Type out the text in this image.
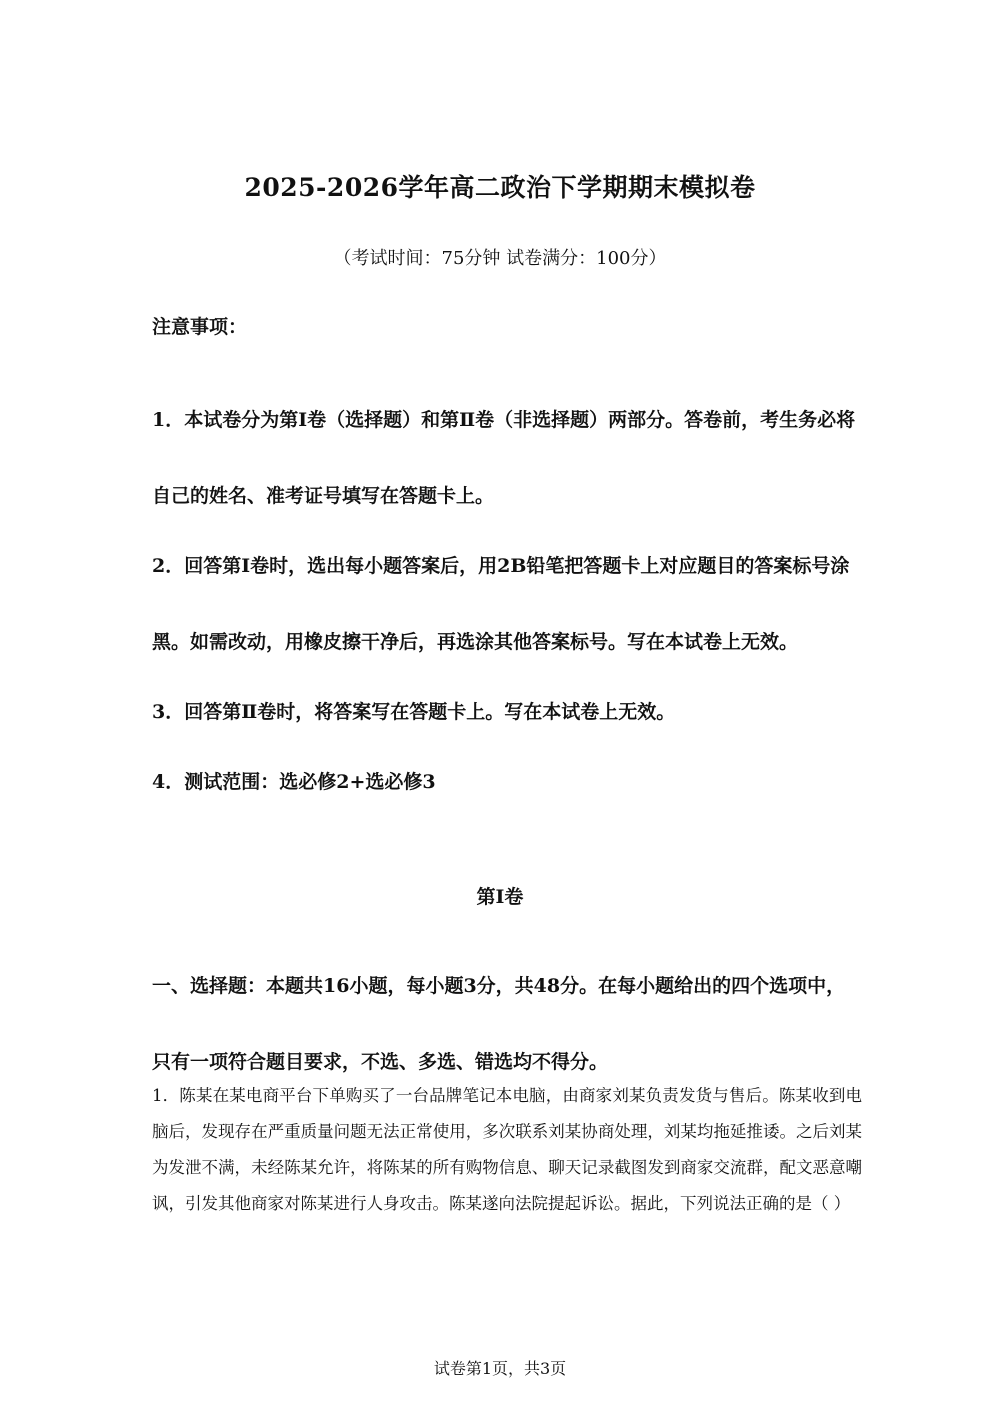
2025-2026学年高二政治下学期期末模拟卷
（考试时间：75分钟 试卷满分：100分）
注意事项：
1．本试卷分为第Ⅰ卷（选择题）和第Ⅱ卷（非选择题）两部分。答卷前，考生务必将自己的姓名、准考证号填写在答题卡上。
2．回答第Ⅰ卷时，选出每小题答案后，用2B铅笔把答题卡上对应题目的答案标号涂黑。如需改动，用橡皮擦干净后，再选涂其他答案标号。写在本试卷上无效。
3．回答第Ⅱ卷时，将答案写在答题卡上。写在本试卷上无效。
4．测试范围：选必修2+选必修3
第Ⅰ卷
一、选择题：本题共16小题，每小题3分，共48分。在每小题给出的四个选项中，只有一项符合题目要求，不选、多选、错选均不得分。
1．陈某在某电商平台下单购买了一台品牌笔记本电脑，由商家刘某负责发货与售后。陈某收到电脑后，发现存在严重质量问题无法正常使用，多次联系刘某协商处理，刘某均拖延推诿。之后刘某为发泄不满，未经陈某允许，将陈某的所有购物信息、聊天记录截图发到商家交流群，配文恶意嘲讽，引发其他商家对陈某进行人身攻击。陈某遂向法院提起诉讼。据此，下列说法正确的是（ ）
试卷第1页，共3页
